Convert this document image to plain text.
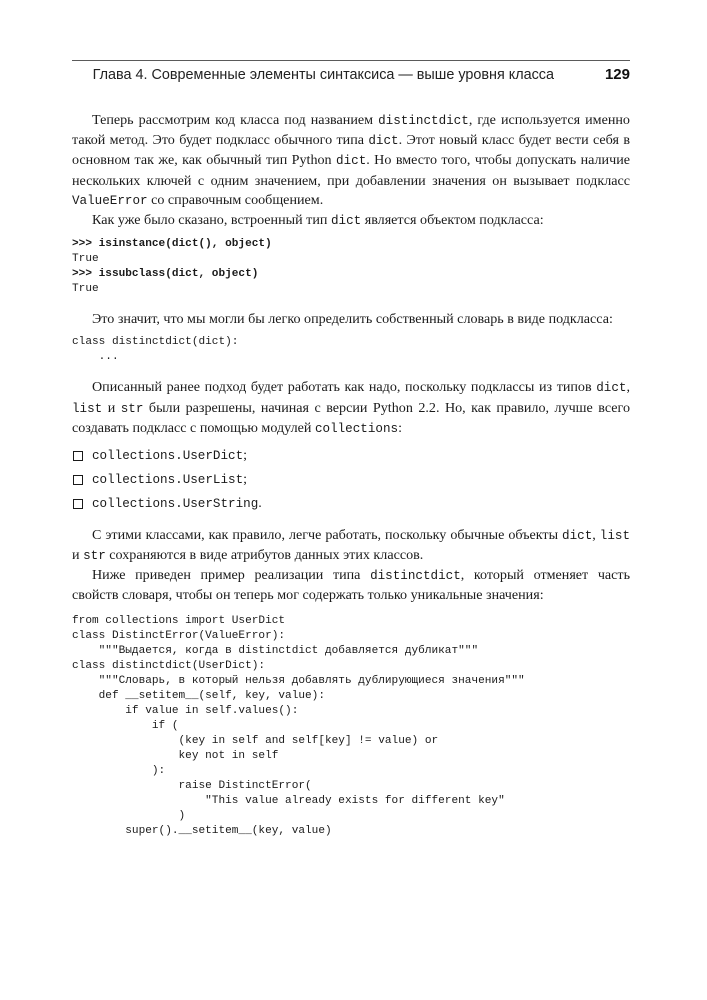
Глава 4. Современные элементы синтаксиса — выше уровня класса	129

Теперь рассмотрим код класса под названием distinctdict, где используется именно такой метод. Это будет подкласс обычного типа dict. Этот новый класс будет вести себя в основном так же, как обычный тип Python dict. Но вместо того, чтобы допускать наличие нескольких ключей с одним значением, при добавлении значения он вызывает подкласс ValueError со справочным сообщением.

Как уже было сказано, встроенный тип dict является объектом подкласса:

>>> isinstance(dict(), object)
True
>>> issubclass(dict, object)
True

Это значит, что мы могли бы легко определить собственный словарь в виде подкласса:

class distinctdict(dict):
...

Описанный ранее подход будет работать как надо, поскольку подклассы из типов dict, list и str были разрешены, начиная с версии Python 2.2. Но, как правило, лучше всего создавать подкласс с помощью модулей collections:

collections.UserDict;
collections.UserList;
collections.UserString.

С этими классами, как правило, легче работать, поскольку обычные объекты dict, list и str сохраняются в виде атрибутов данных этих классов.

Ниже приведен пример реализации типа distinctdict, который отменяет часть свойств словаря, чтобы он теперь мог содержать только уникальные значения:

from collections import UserDict
class DistinctError(ValueError):
"""Выдается, когда в distinctdict добавляется дубликат"""
class distinctdict(UserDict):
"""Словарь, в который нельзя добавлять дублирующиеся значения"""
def __setitem__(self, key, value):
if value in self.values():
if (
(key in self and self[key] != value) or
key not in self
):
raise DistinctError(
"This value already exists for different key"
)
super().__setitem__(key, value)
